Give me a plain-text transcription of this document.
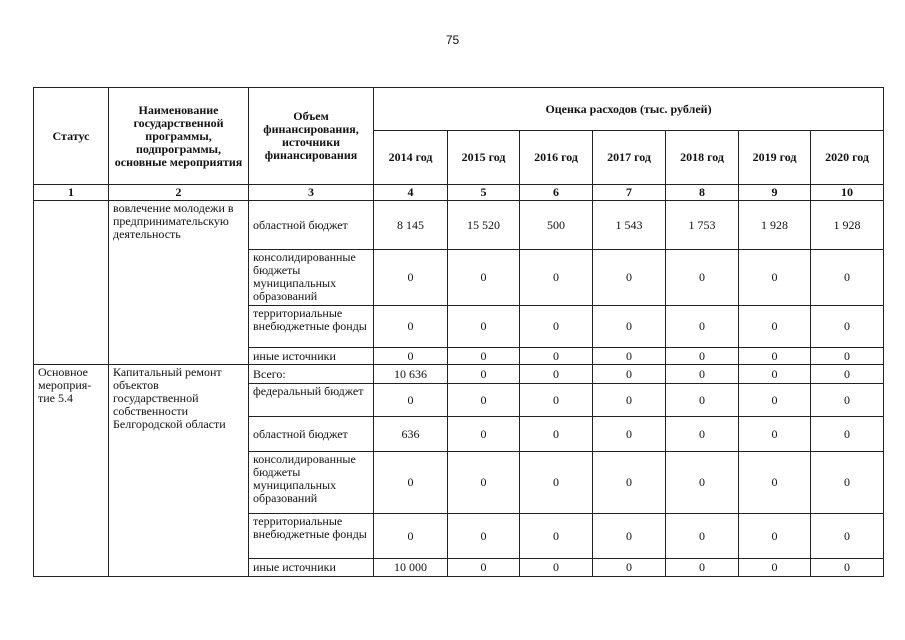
75
Статус	Наименование государственной программы, подпрограммы, основные мероприятия	Объем финансирования, источники финансирования	Оценка расходов (тыс. рублей)						
			2014 год	2015 год	2016 год	2017 год	2018 год	2019 год	2020 год
1	2	3	4	5	6	7	8	9	10
	вовлечение молодежи в предпринимательскую деятельность	областной бюджет	8 145	15 520	500	1 543	1 753	1 928	1 928
		консолидированные бюджеты муниципальных образований	0	0	0	0	0	0	0
		территориальные внебюджетные фонды	0	0	0	0	0	0	0
		иные источники	0	0	0	0	0	0	0
Основное мероприя-тие 5.4	Капитальный ремонт объектов государственной собственности Белгородской области	Всего:	10 636	0	0	0	0	0	0
		федеральный бюджет	0	0	0	0	0	0	0
		областной бюджет	636	0	0	0	0	0	0
		консолидированные бюджеты муниципальных образований	0	0	0	0	0	0	0
		территориальные внебюджетные фонды	0	0	0	0	0	0	0
		иные источники	10 000	0	0	0	0	0	0
